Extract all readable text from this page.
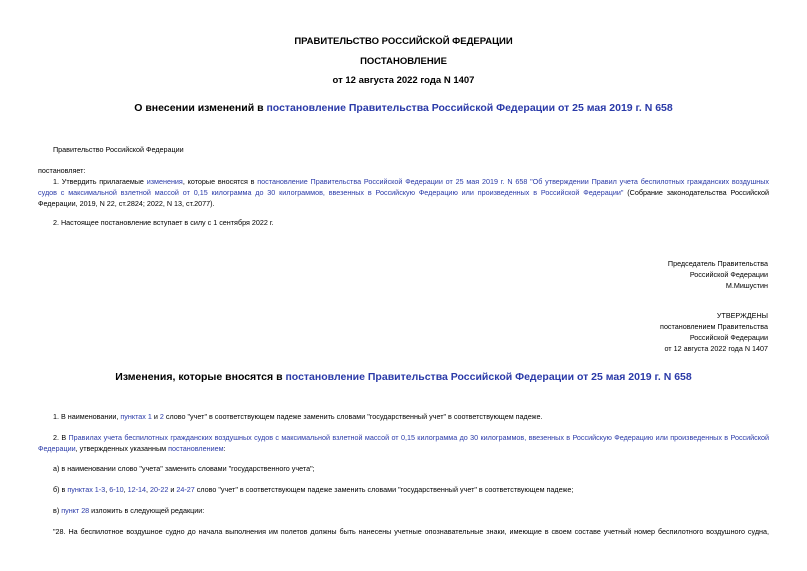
ПРАВИТЕЛЬСТВО РОССИЙСКОЙ ФЕДЕРАЦИИ
ПОСТАНОВЛЕНИЕ
от 12 августа 2022 года N 1407
О внесении изменений в постановление Правительства Российской Федерации от 25 мая 2019 г. N 658
Правительство Российской Федерации
постановляет:
1. Утвердить прилагаемые изменения, которые вносятся в постановление Правительства Российской Федерации от 25 мая 2019 г. N 658 "Об утверждении Правил учета беспилотных гражданских воздушных
судов с максимальной взлетной массой от 0,15 килограмма до 30 килограммов, ввезенных в Российскую Федерацию или произведенных в Российской Федерации" (Собрание законодательства Российской
Федерации, 2019, N 22, ст.2824; 2022, N 13, ст.2077).
2. Настоящее постановление вступает в силу с 1 сентября 2022 г.
Председатель Правительства
Российской Федерации
М.Мишустин
УТВЕРЖДЕНЫ
постановлением Правительства
Российской Федерации
от 12 августа 2022 года N 1407
Изменения, которые вносятся в постановление Правительства Российской Федерации от 25 мая 2019 г. N 658
1. В наименовании, пунктах 1 и 2 слово "учет" в соответствующем падеже заменить словами "государственный учет" в соответствующем падеже.
2. В Правилах учета беспилотных гражданских воздушных судов с максимальной взлетной массой от 0,15 килограмма до 30 килограммов, ввезенных в Российскую Федерацию или произведенных в Российской
Федерации, утвержденных указанным постановлением:
а) в наименовании слово "учета" заменить словами "государственного учета";
б) в пунктах 1-3, 6-10, 12-14, 20-22 и 24-27 слово "учет" в соответствующем падеже заменить словами "государственный учет" в соответствующем падеже;
в) пункт 28 изложить в следующей редакции:
"28. На беспилотное воздушное судно до начала выполнения им полетов должны быть нанесены учетные опознавательные знаки, имеющие в своем составе учетный номер беспилотного воздушного судна,
